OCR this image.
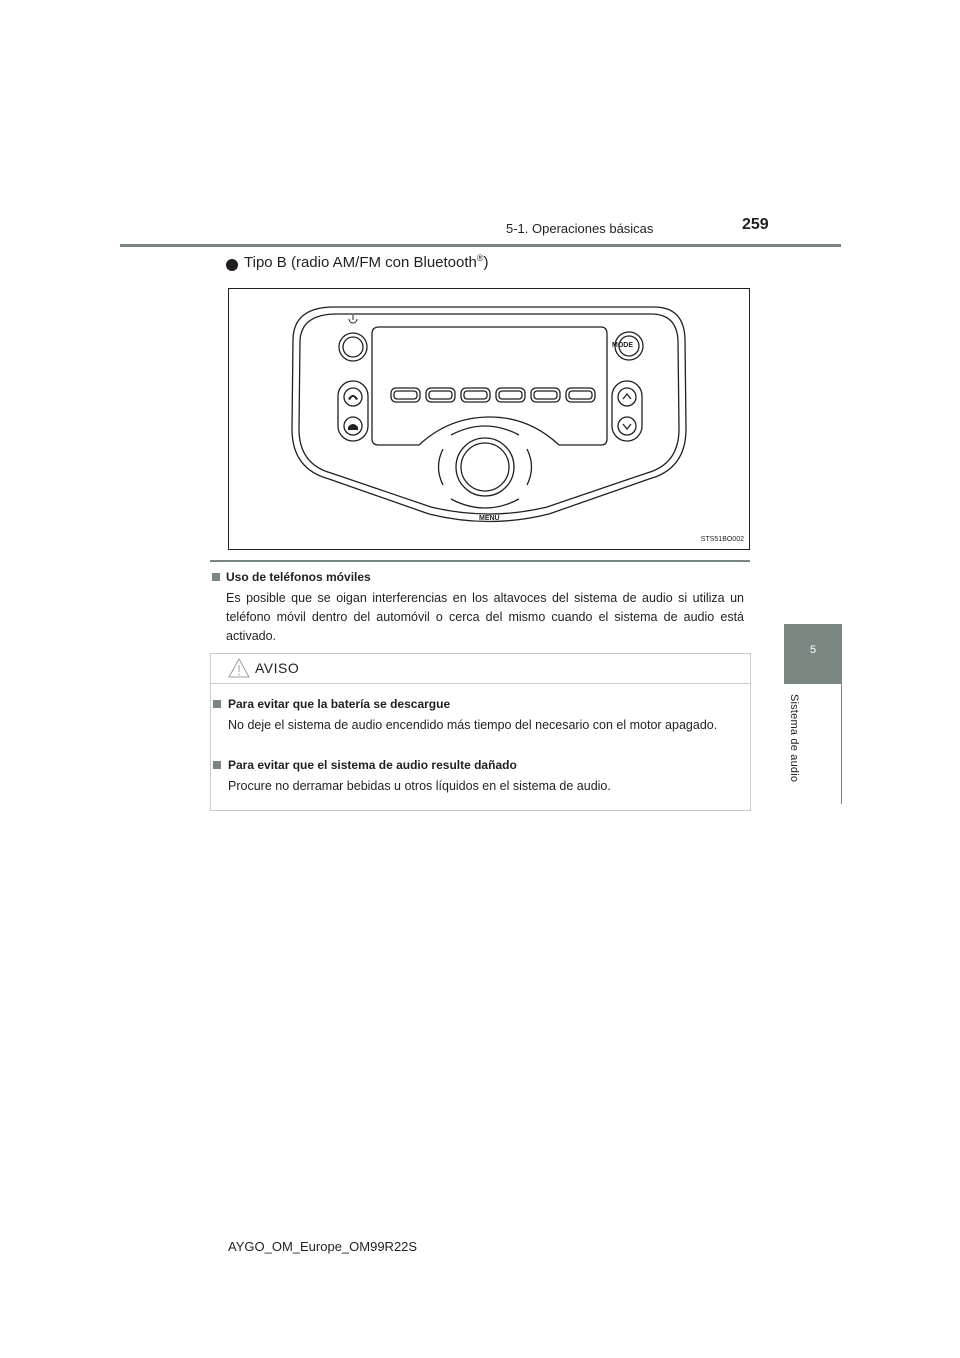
5-1. Operaciones básicas	259
5
Sistema de audio
Tipo B (radio AM/FM con Bluetooth®)
MODE
MENU
STS51BO002
Uso de teléfonos móviles
Es posible que se oigan interferencias en los altavoces del sistema de audio si utiliza un teléfono móvil dentro del automóvil o cerca del mismo cuando el sistema de audio está activado.
AVISO
Para evitar que la batería se descargue
No deje el sistema de audio encendido más tiempo del necesario con el motor apagado.
Para evitar que el sistema de audio resulte dañado
Procure no derramar bebidas u otros líquidos en el sistema de audio.
AYGO_OM_Europe_OM99R22S
